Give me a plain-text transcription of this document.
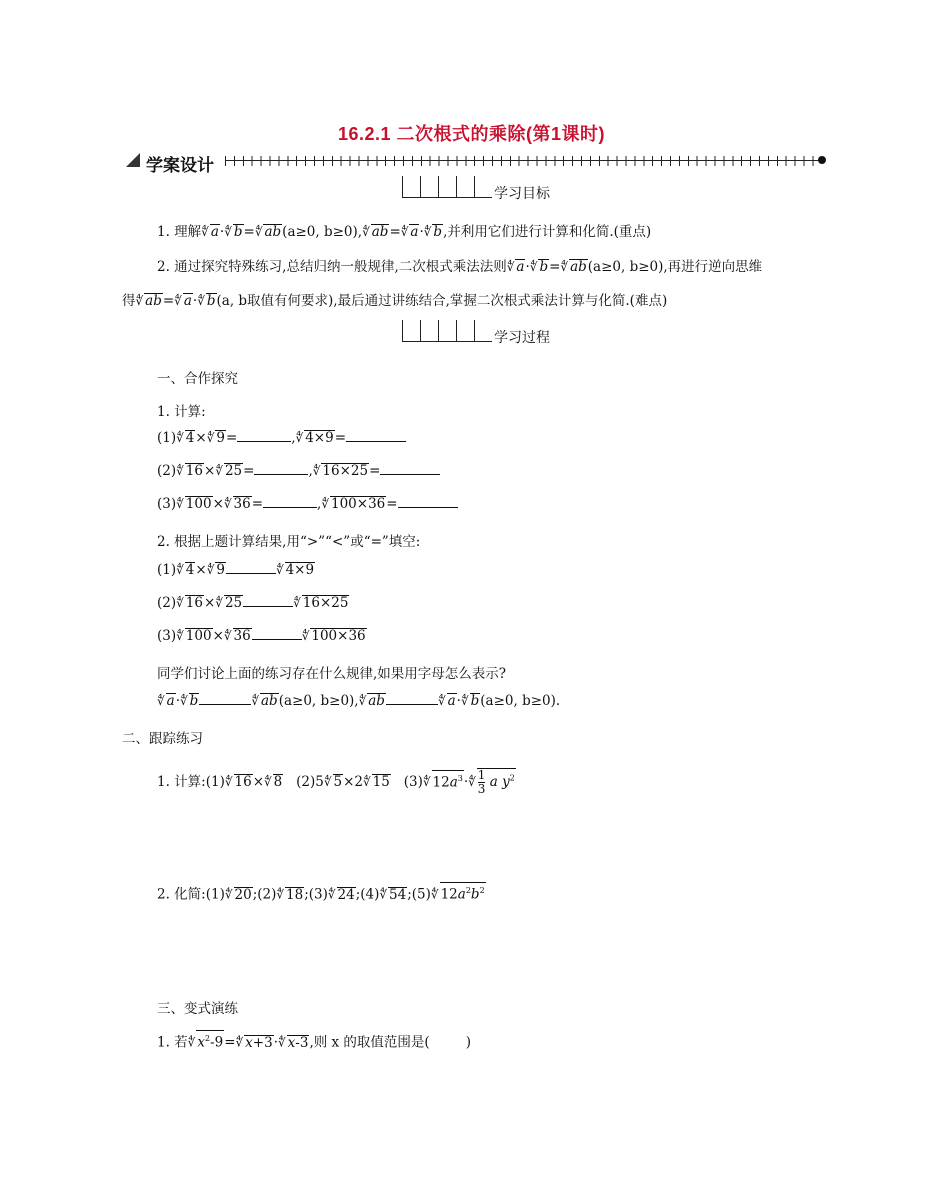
16.2.1 二次根式的乘除(第1课时)
学案设计
学习目标
1. 理解∜ a·∜ b=∜ ab(a≥0, b≥0),∜ ab=∜ a·∜ b,并利用它们进行计算和化简.(重点)
2. 通过探究特殊练习,总结归纳一般规律,二次根式乘法法则∜ a·∜ b=∜ ab(a≥0, b≥0),再进行逆向思维
得∜ ab=∜ a·∜ b(a, b取值有何要求),最后通过讲练结合,掌握二次根式乘法计算与化简.(难点)
学习过程
一、合作探究
1. 计算:
(1)∜ 4×∜ 9=	,∜ 4×9=
(2)∜ 16×∜ 25=	,∜ 16×25=
(3)∜ 100×∜ 36=	,∜ 100×36=
2. 根据上题计算结果,用“>”“<”或“=”填空:
(1)∜ 4×∜ 9	∜ 4×9
(2)∜ 16×∜ 25	∜ 16×25
(3)∜ 100×∜ 36	∜ 100×36
同学们讨论上面的练习存在什么规律,如果用字母怎么表示?
∜ a·∜ b	∜ ab(a≥0, b≥0),∜ ab	∜ a·∜ b(a≥0, b≥0).
二、跟踪练习
1. 计算:(1)∜ 16×∜ 8 (2)5∜ 5×2∜ 15 (3)∜ $12a^3\cdot∜ \frac{1}{3}$ a $y^2$
2. 化简:(1)∜ 20;(2)∜ 18;(3)∜ 24;(4)∜ 54;(5)∜ $12a^2b^2$
三、变式演练
1. 若∜ $x^2-9=∜$ x+3·∜ x-3,则 x 的取值范围是(	)
